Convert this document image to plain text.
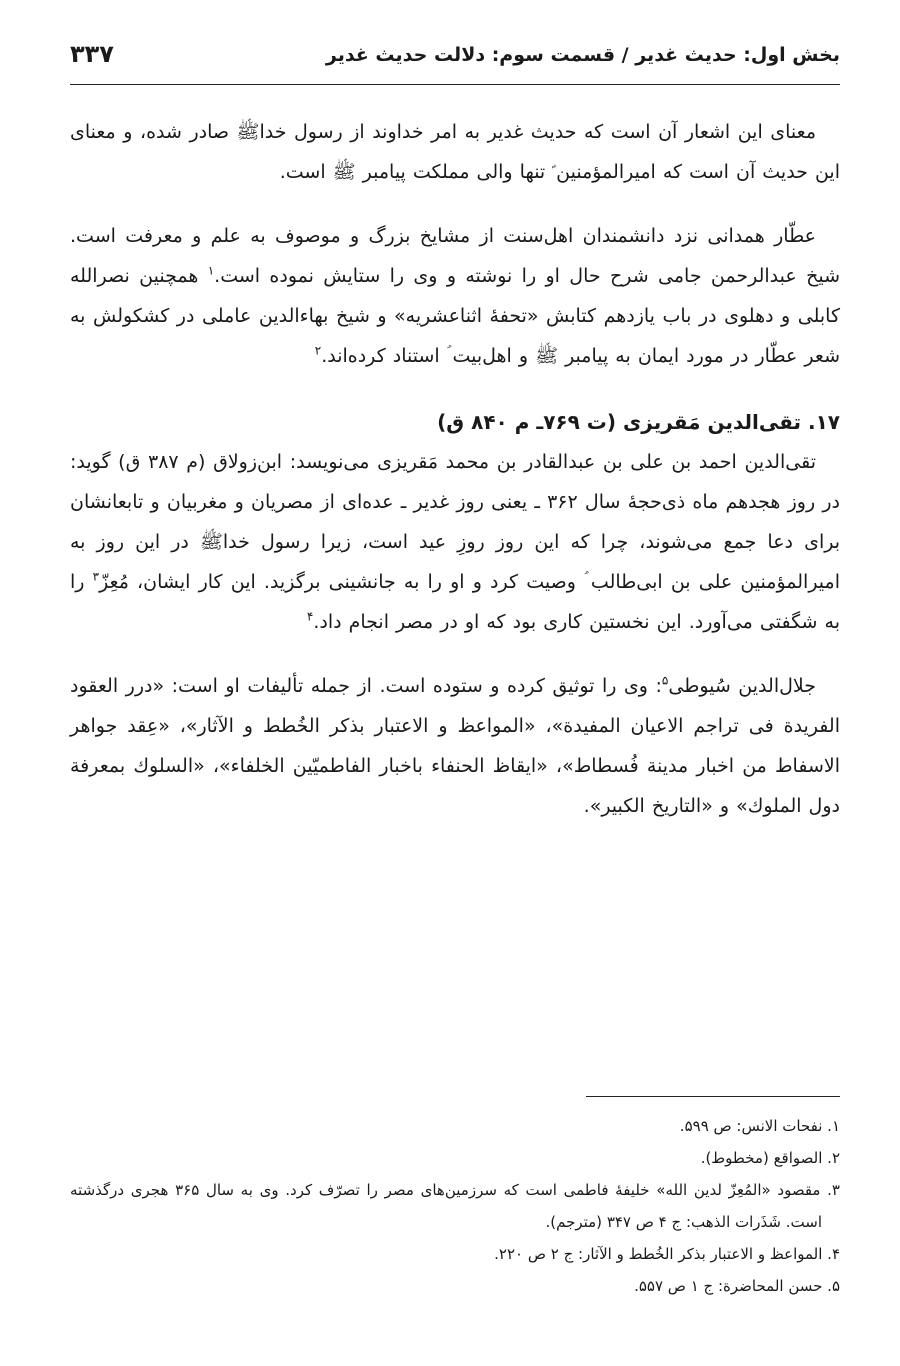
بخش اول: حدیث غدیر / قسمت سوم: دلالت حدیث غدیر
۳۳۷

معنای این اشعار آن است که حدیث غدیر به امر خداوند از رسول خداﷺ صادر شده، و معنای این حدیث آن است که امیرالمؤمنین ؑ تنها والی مملکت پیامبر ﷺ است.

عطّار همدانی نزد دانشمندان اهل‌سنت از مشایخ بزرگ و موصوف به علم و معرفت است. شیخ عبدالرحمن جامی شرح حال او را نوشته و وی را ستایش نموده است.$^۱$ همچنین نصرالله کابلی و دهلوی در باب یازدهم کتابش «تحفهٔ اثناعشریه» و شیخ بهاءالدین عاملی در کشکولش به شعر عطّار در مورد ایمان به پیامبر ﷺ و اهل‌بیت ؑ استناد کرده‌اند.$^۲$

۱۷. تقی‌الدین مَقریزی (ت ۷۶۹ـ م ۸۴۰ ق)

تقی‌الدین احمد بن علی بن عبدالقادر بن محمد مَقریزی می‌نویسد: ابن‌زولاق (م ۳۸۷ ق) گوید: در روز هجدهم ماه ذی‌حجهٔ سال ۳۶۲ ـ یعنی روز غدیر ـ عده‌ای از مصریان و مغربیان و تابعانشان برای دعا جمع می‌شوند، چرا که این روز روزِ عید است، زیرا رسول خداﷺ در این روز به امیرالمؤمنین علی بن ابی‌طالب ؑ وصیت کرد و او را به جانشینی برگزید. این کار ایشان، مُعِزّ$^۳$ را به شگفتی می‌آورد. این نخستین کاری بود که او در مصر انجام داد.$^۴$

جلال‌الدین سُیوطی$^۵$: وی را توثیق کرده و ستوده است. از جمله تألیفات او است: «درر العقود الفریدة فی تراجم الاعیان المفیدة»، «المواعظ و الاعتبار بذکر الخُطط و الآثار»، «عِقد جواهر الاسفاط من اخبار مدینة فُسطاط»، «ایقاظ الحنفاء باخبار الفاطمیّین الخلفاء»، «السلوك بمعرفة دول الملوك» و «التاریخ الکبیر».

۱. نفحات الانس: ص ۵۹۹.

۲. الصواقع (مخطوط).

۳. مقصود «المُعِزّ لدین الله» خلیفهٔ فاطمی است که سرزمین‌های مصر را تصرّف کرد. وی به سال ۳۶۵ هجری درگذشته است. شَذَرات الذهب: ج ۴ ص ۳۴۷ (مترجم).

۴. المواعظ و الاعتبار بذکر الخُطط و الآثار: ج ۲ ص ۲۲۰.

۵. حسن المحاضرة: ج ۱ ص ۵۵۷.
